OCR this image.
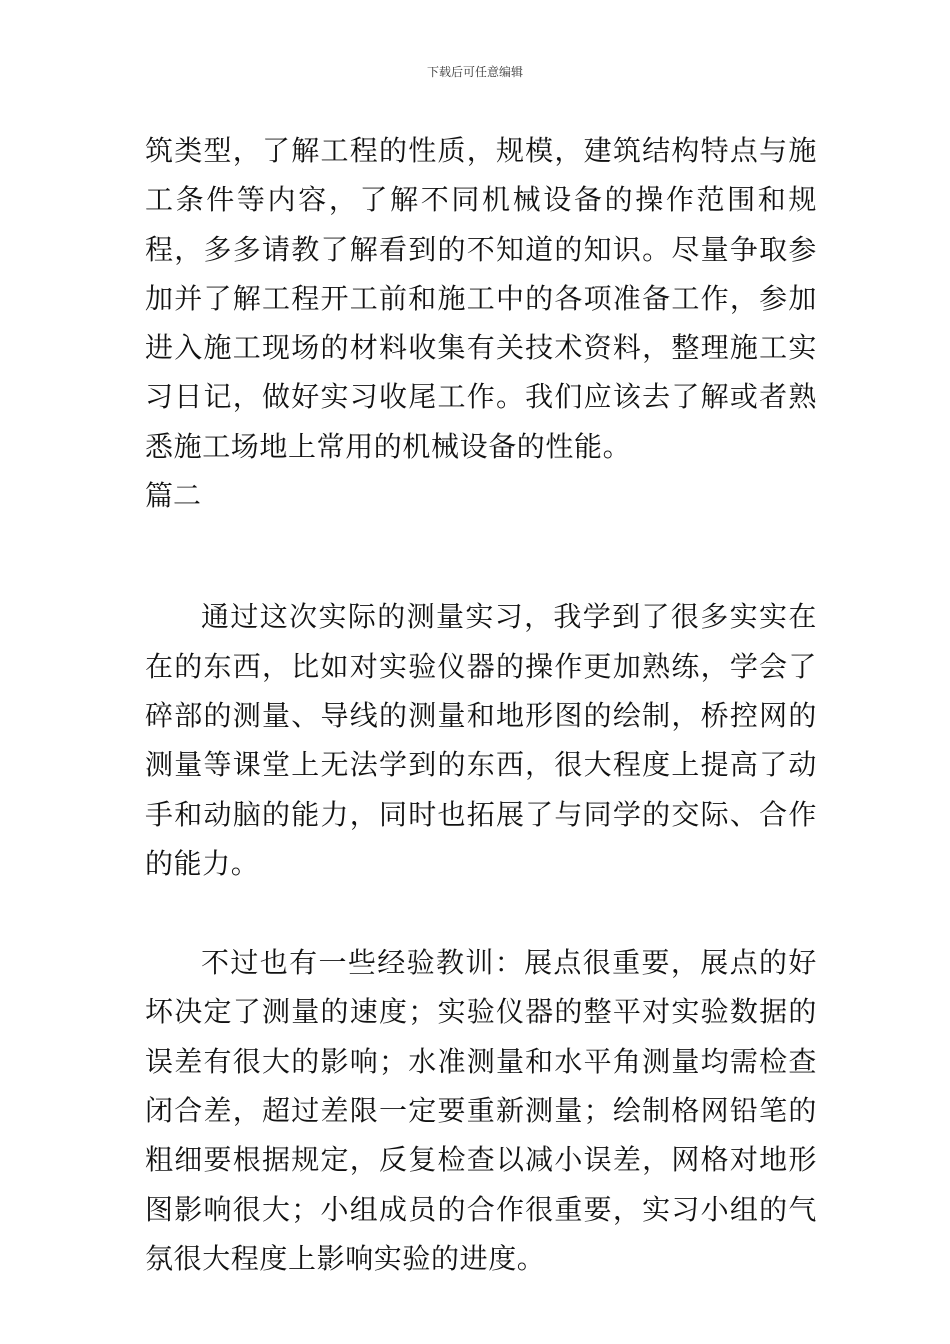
下载后可任意编辑

筑类型，了解工程的性质，规模，建筑结构特点与施工条件等内容，了解不同机械设备的操作范围和规程，多多请教了解看到的不知道的知识。尽量争取参加并了解工程开工前和施工中的各项准备工作，参加进入施工现场的材料收集有关技术资料，整理施工实习日记，做好实习收尾工作。我们应该去了解或者熟悉施工场地上常用的机械设备的性能。

篇二

通过这次实际的测量实习，我学到了很多实实在在的东西，比如对实验仪器的操作更加熟练，学会了碎部的测量、导线的测量和地形图的绘制，桥控网的测量等课堂上无法学到的东西，很大程度上提高了动手和动脑的能力，同时也拓展了与同学的交际、合作的能力。

不过也有一些经验教训：展点很重要，展点的好坏决定了测量的速度；实验仪器的整平对实验数据的误差有很大的影响；水准测量和水平角测量均需检查闭合差，超过差限一定要重新测量；绘制格网铅笔的粗细要根据规定，反复检查以减小误差，网格对地形图影响很大；小组成员的合作很重要，实习小组的气氛很大程度上影响实验的进度。
